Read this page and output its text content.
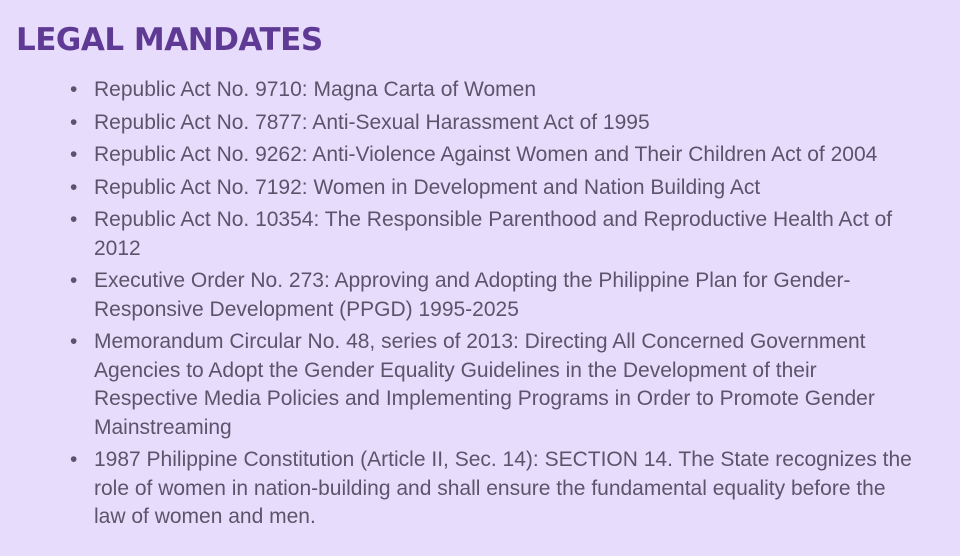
LEGAL MANDATES
• Republic Act No. 9710: Magna Carta of Women
• Republic Act No. 7877: Anti-Sexual Harassment Act of 1995
• Republic Act No. 9262: Anti-Violence Against Women and Their Children Act of 2004
• Republic Act No. 7192: Women in Development and Nation Building Act
• Republic Act No. 10354: The Responsible Parenthood and Reproductive Health Act of 2012
• Executive Order No. 273: Approving and Adopting the Philippine Plan for Gender-Responsive Development (PPGD) 1995-2025
• Memorandum Circular No. 48, series of 2013: Directing All Concerned Government Agencies to Adopt the Gender Equality Guidelines in the Development of their Respective Media Policies and Implementing Programs in Order to Promote Gender Mainstreaming
• 1987 Philippine Constitution (Article II, Sec. 14): SECTION 14. The State recognizes the role of women in nation-building and shall ensure the fundamental equality before the law of women and men.
